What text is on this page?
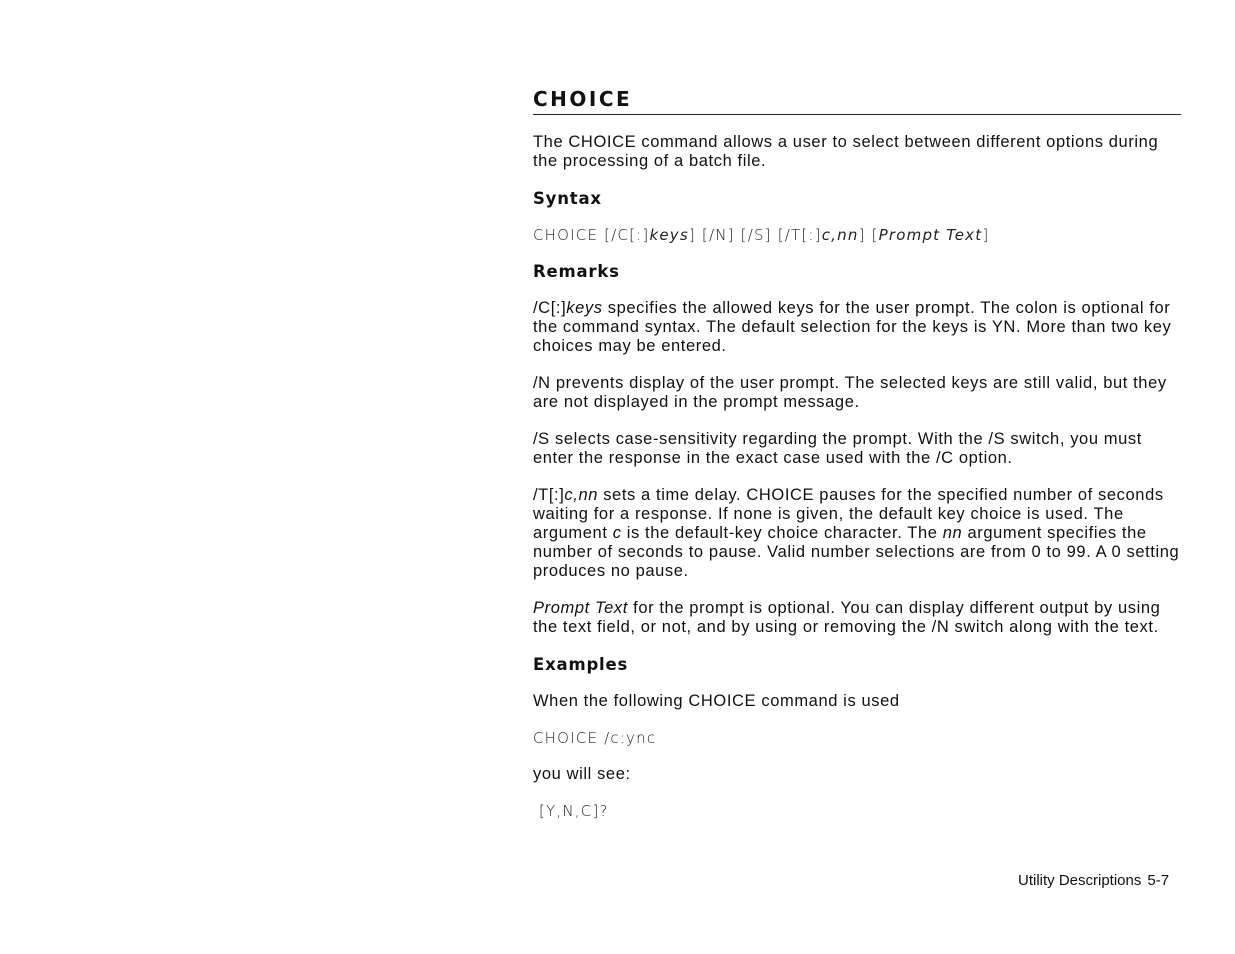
CHOICE

The CHOICE command allows a user to select between different options during the processing of a batch file.

Syntax
CHOICE [/C[:]keys] [/N] [/S] [/T[:]c,nn] [Prompt Text]
Remarks

/C[:]keys specifies the allowed keys for the user prompt. The colon is optional for the command syntax. The default selection for the keys is YN. More than two key choices may be entered.

/N prevents display of the user prompt. The selected keys are still valid, but they are not displayed in the prompt message.

/S selects case-sensitivity regarding the prompt. With the /S switch, you must enter the response in the exact case used with the /C option.

/T[:]c,nn sets a time delay. CHOICE pauses for the specified number of seconds waiting for a response. If none is given, the default key choice is used. The argument c is the default-key choice character. The nn argument specifies the number of seconds to pause. Valid number selections are from 0 to 99. A 0 setting produces no pause.

Prompt Text for the prompt is optional. You can display different output by using the text field, or not, and by using or removing the /N switch along with the text.

Examples

When the following CHOICE command is used

CHOICE /c:ync

you will see:

[Y,N,C]?
Utility Descriptions 5-7
